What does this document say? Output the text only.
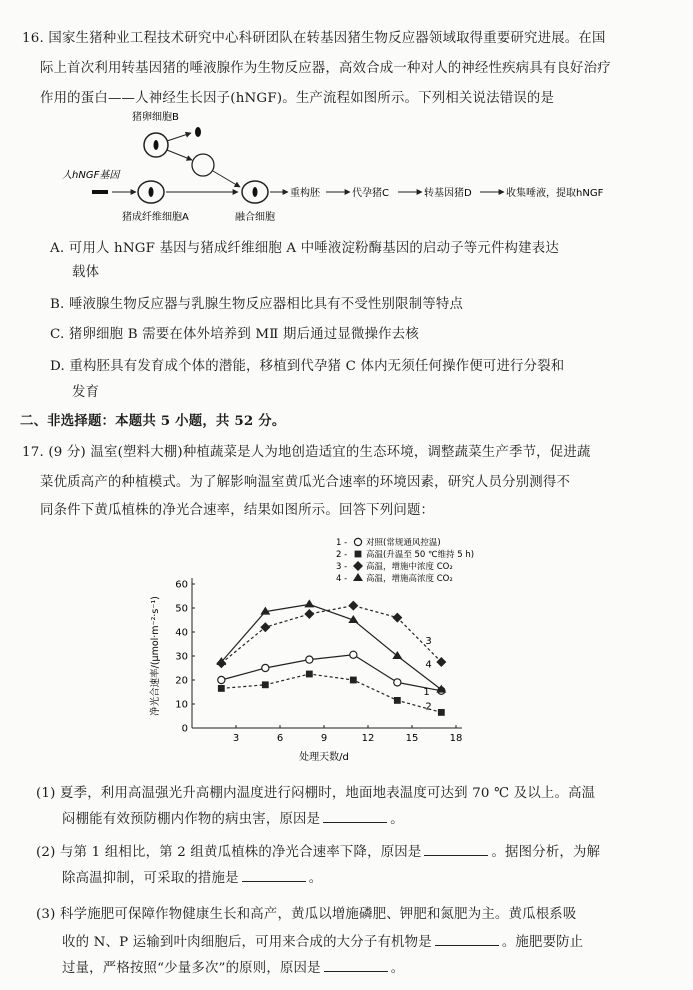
16. 国家生猪种业工程技术研究中心科研团队在转基因猪生物反应器领域取得重要研究进展。在国
际上首次利用转基因猪的唾液腺作为生物反应器，高效合成一种对人的神经性疾病具有良好治疗
作用的蛋白——人神经生长因子(hNGF)。生产流程如图所示。下列相关说法错误的是
猪卵细胞B
人hNGF基因
猪成纤维细胞A	融合细胞
重构胚	代孕猪C	转基因猪D	收集唾液，提取hNGF
A. 可用人 hNGF 基因与猪成纤维细胞 A 中唾液淀粉酶基因的启动子等元件构建表达
载体
B. 唾液腺生物反应器与乳腺生物反应器相比具有不受性别限制等特点
C. 猪卵细胞 B 需要在体外培养到 MⅡ 期后通过显微操作去核
D. 重构胚具有发育成个体的潜能，移植到代孕猪 C 体内无须任何操作便可进行分裂和
发育
二、非选择题：本题共 5 小题，共 52 分。
17. (9 分) 温室(塑料大棚)种植蔬菜是人为地创造适宜的生态环境，调整蔬菜生产季节，促进蔬
菜优质高产的种植模式。为了解影响温室黄瓜光合速率的环境因素，研究人员分别测得不
同条件下黄瓜植株的净光合速率，结果如图所示。回答下列问题：
0
10
20
30
40
50
60
3	6	9	12	15	18
处理天数/d
净光合速率/(μmol·m⁻²·s⁻¹)	1
2
3
4
1 - 对照(常规通风控温)
2 - 高温(升温至 50 ℃维持 5 h)
3 - 高温，增施中浓度 CO₂
4 - 高温，增施高浓度 CO₂
(1) 夏季，利用高温强光升高棚内温度进行闷棚时，地面地表温度可达到 70 ℃ 及以上。高温
闷棚能有效预防棚内作物的病虫害，原因是	。
(2) 与第 1 组相比，第 2 组黄瓜植株的净光合速率下降，原因是	。据图分析，为解
除高温抑制，可采取的措施是	。
(3) 科学施肥可保障作物健康生长和高产，黄瓜以增施磷肥、钾肥和氮肥为主。黄瓜根系吸
收的 N、P 运输到叶肉细胞后，可用来合成的大分子有机物是	。施肥要防止
过量，严格按照“少量多次”的原则，原因是	。
